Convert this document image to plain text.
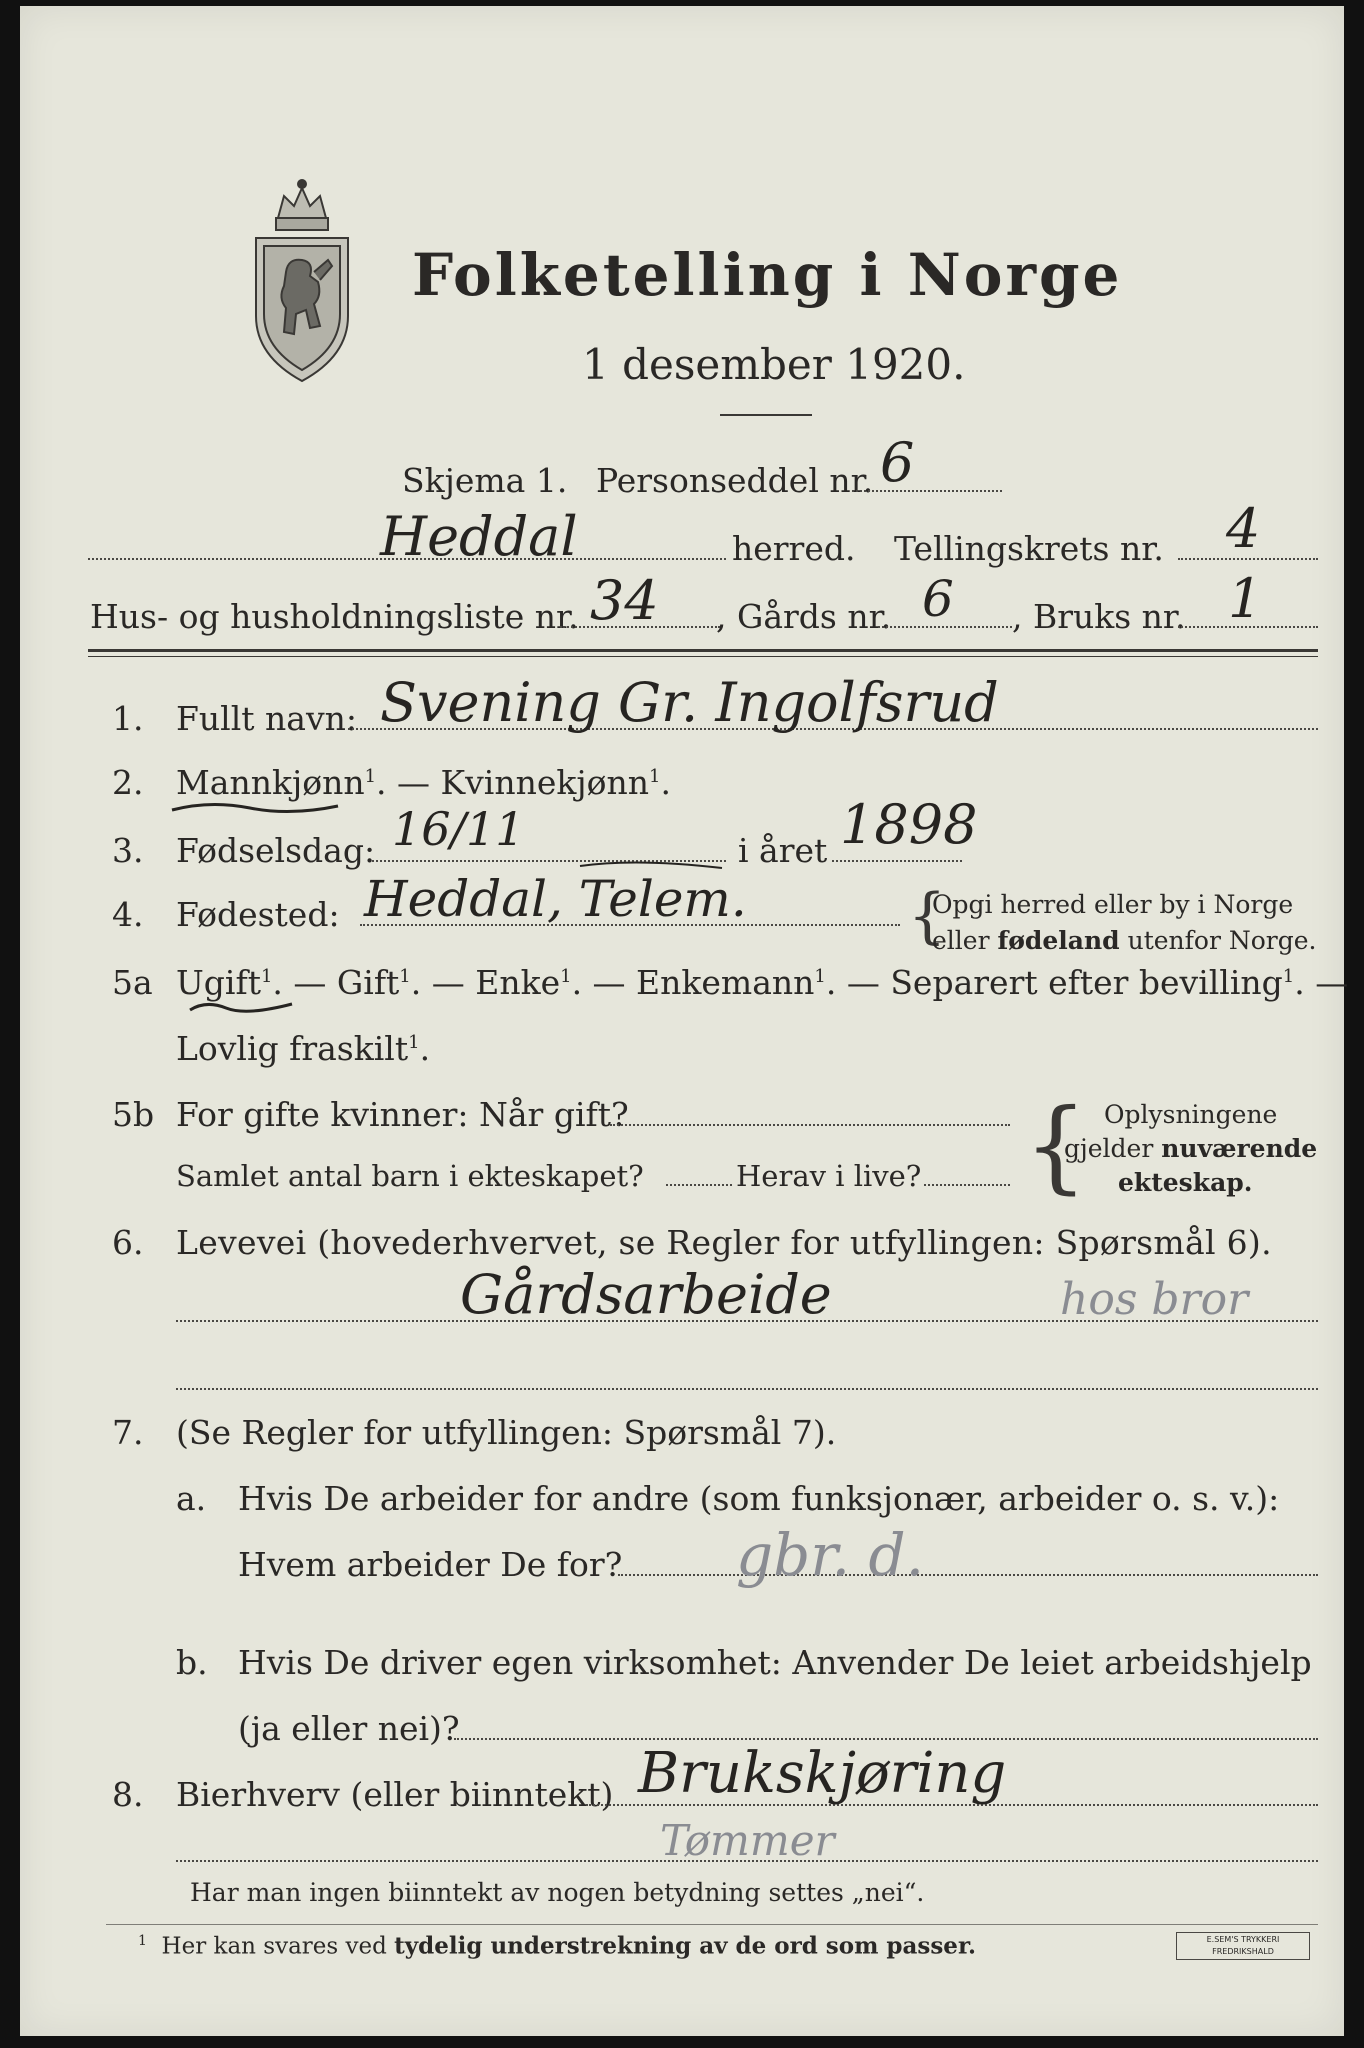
Folketelling i Norge
1 desember 1920.
Skjema 1. Personseddel nr. 6
Heddal	herred. Tellingskrets nr. 4
Hus- og husholdningsliste nr. 34 , Gårds nr. 6 , Bruks nr. 1
1. Fullt navn: Svening Gr. Ingolfsrud
2. Mannkjønn$^1$. — Kvinnekjønn$^1$.
3. Fødselsdag: 16/11	i året 1898
4. Fødested: Heddal, Telem.	{
Opgi herred eller by i Norge
eller fødeland utenfor Norge.
5a Ugift$^1$. — Gift$^1$. — Enke$^1$. — Enkemann$^1$. — Separert efter bevilling$^1$. —
Lovlig fraskilt$^1$.
5b For gifte kvinner: Når gift?
Samlet antal barn i ekteskapet?	Herav i live? { Oplysningene
gjelder nuværende
ekteskap.
6. Levevei (hovederhvervet, se Regler for utfyllingen: Spørsmål 6).
Gårdsarbeide	hos bror
7. (Se Regler for utfyllingen: Spørsmål 7).
a. Hvis De arbeider for andre (som funksjonær, arbeider o. s. v.):
Hvem arbeider De for? gbr. d.
b. Hvis De driver egen virksomhet: Anvender De leiet arbeidshjelp
(ja eller nei)?
8. Bierhverv (eller biinntekt) Brukskjøring
Tømmer
Har man ingen biinntekt av nogen betydning settes „nei“.
$^1$ Her kan svares ved tydelig understrekning av de ord som passer.	E.SEM'S TRYKKERI
FREDRIKSHALD
